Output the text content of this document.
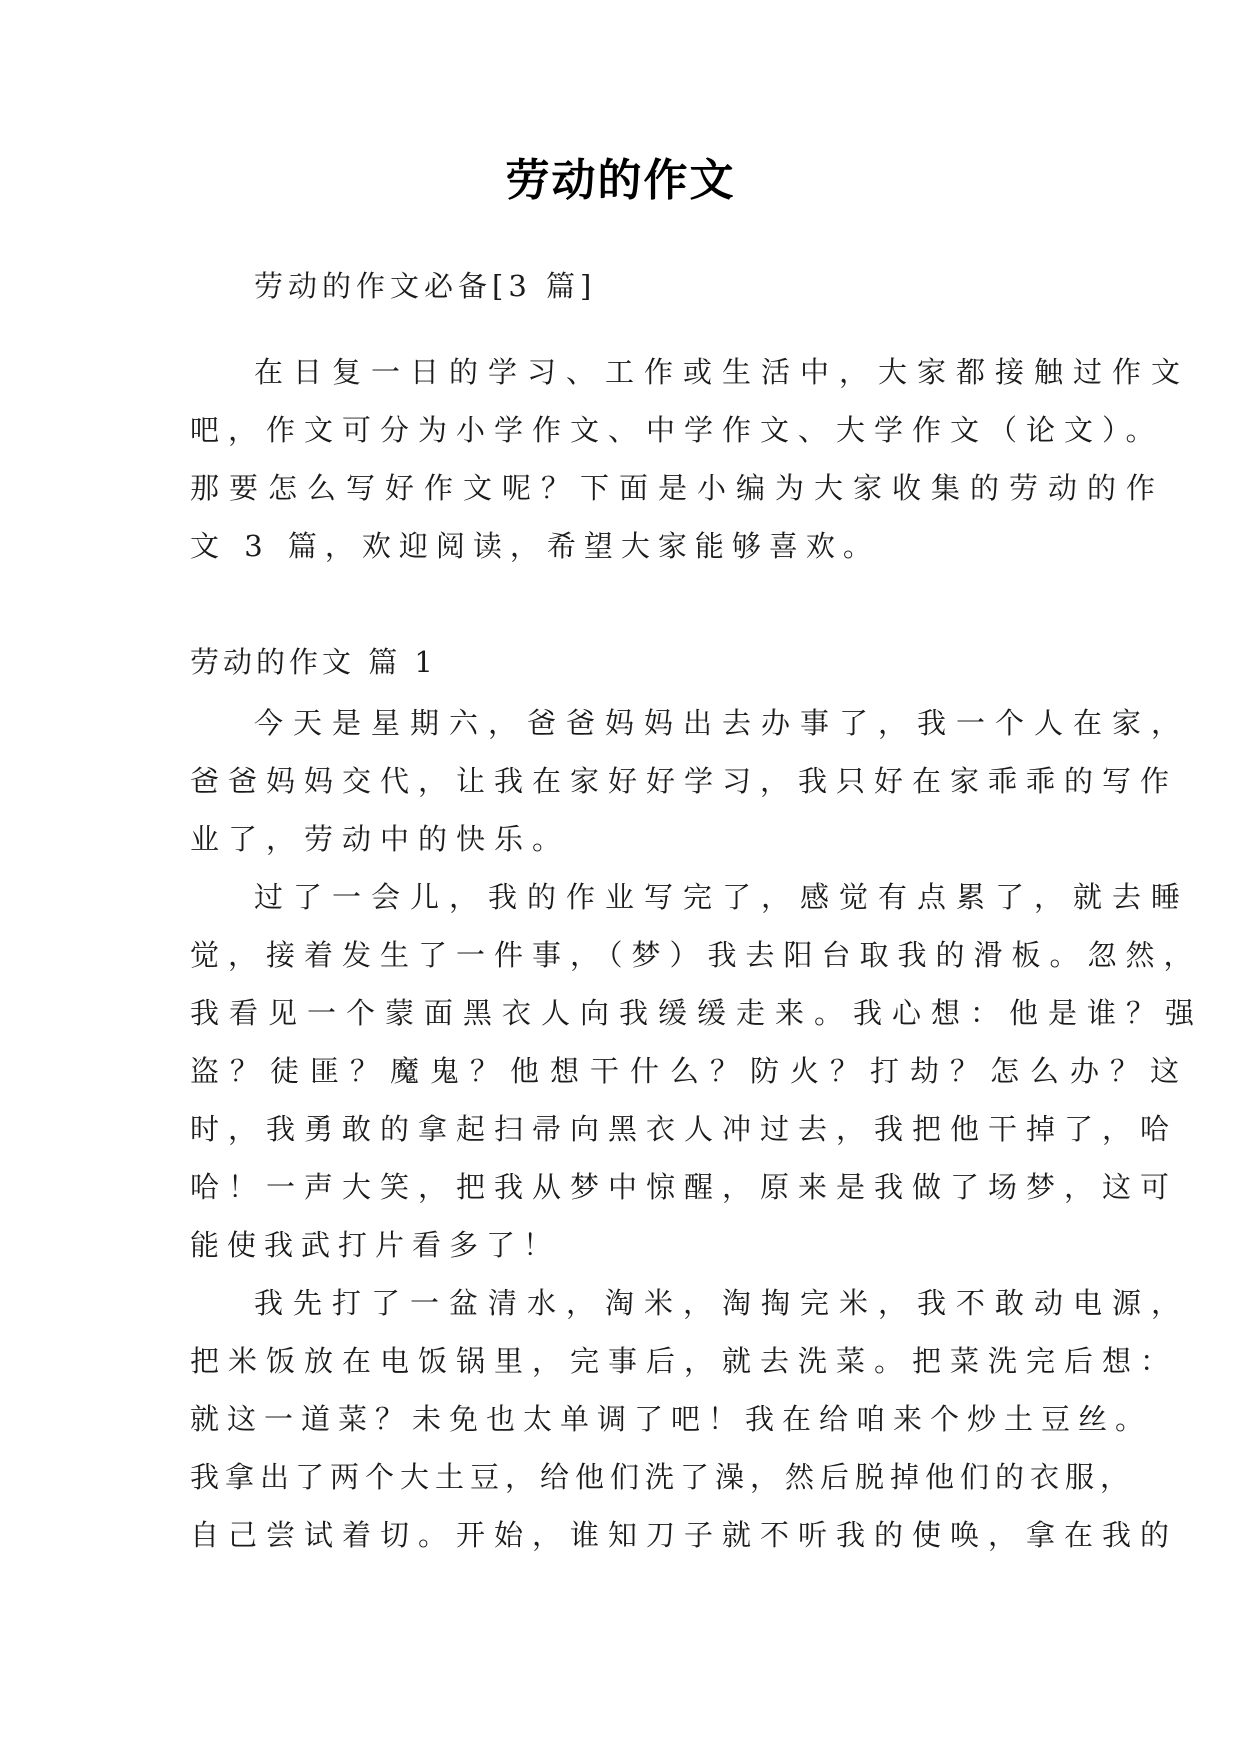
劳动的作文
劳动的作文必备[3 篇]
在日复一日的学习、工作或生活中，大家都接触过作文
吧，作文可分为小学作文、中学作文、大学作文（论文）。
那要怎么写好作文呢？下面是小编为大家收集的劳动的作
文 3 篇，欢迎阅读，希望大家能够喜欢。
劳动的作文 篇 1
今天是星期六，爸爸妈妈出去办事了，我一个人在家，
爸爸妈妈交代，让我在家好好学习，我只好在家乖乖的写作
业了，劳动中的快乐。
过了一会儿，我的作业写完了，感觉有点累了，就去睡
觉，接着发生了一件事，（梦）我去阳台取我的滑板。忽然，
我看见一个蒙面黑衣人向我缓缓走来。我心想：他是谁？强
盗？徒匪？魔鬼？他想干什么？防火？打劫？怎么办？这
时，我勇敢的拿起扫帚向黑衣人冲过去，我把他干掉了，哈
哈！一声大笑，把我从梦中惊醒，原来是我做了场梦，这可
能使我武打片看多了！
我先打了一盆清水，淘米，淘掏完米，我不敢动电源，
把米饭放在电饭锅里，完事后，就去洗菜。把菜洗完后想：
就这一道菜？未免也太单调了吧！我在给咱来个炒土豆丝。
我拿出了两个大土豆，给他们洗了澡，然后脱掉他们的衣服，
自己尝试着切。开始，谁知刀子就不听我的使唤，拿在我的
